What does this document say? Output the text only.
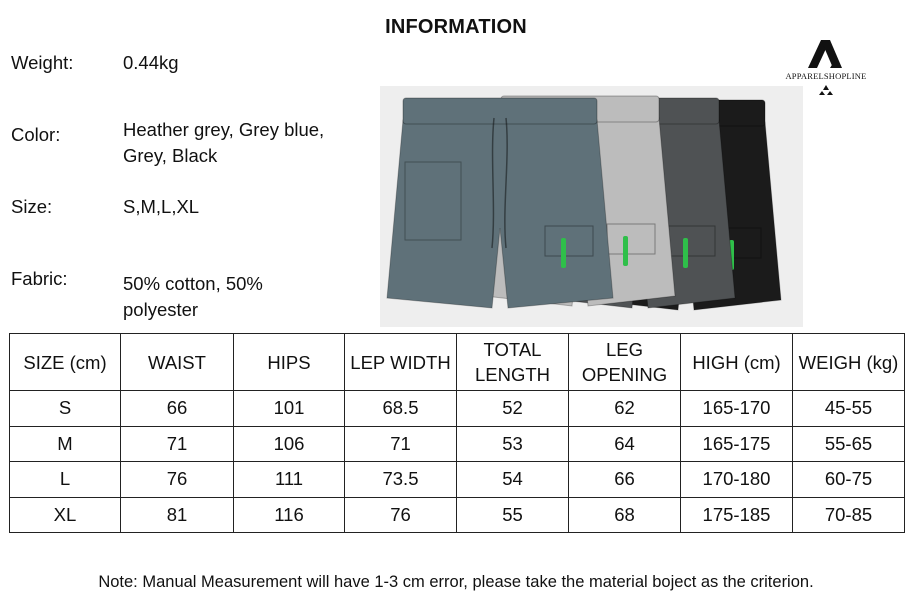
INFORMATION
Weight:	0.44kg
Color:	Heather grey, Grey blue, Grey, Black
Size:	S,M,L,XL
Fabric:	50% cotton, 50% polyester
APPARELSHOPLINE
SIZE (cm)	WAIST	HIPS	LEP WIDTH	TOTAL LENGTH	LEG OPENING	HIGH (cm)	WEIGH (kg)
S	66	101	68.5	52	62	165-170	45-55
M	71	106	71	53	64	165-175	55-65
L	76	111	73.5	54	66	170-180	60-75
XL	81	116	76	55	68	175-185	70-85
Note: Manual Measurement will have 1-3 cm error, please take the material boject as the criterion.
